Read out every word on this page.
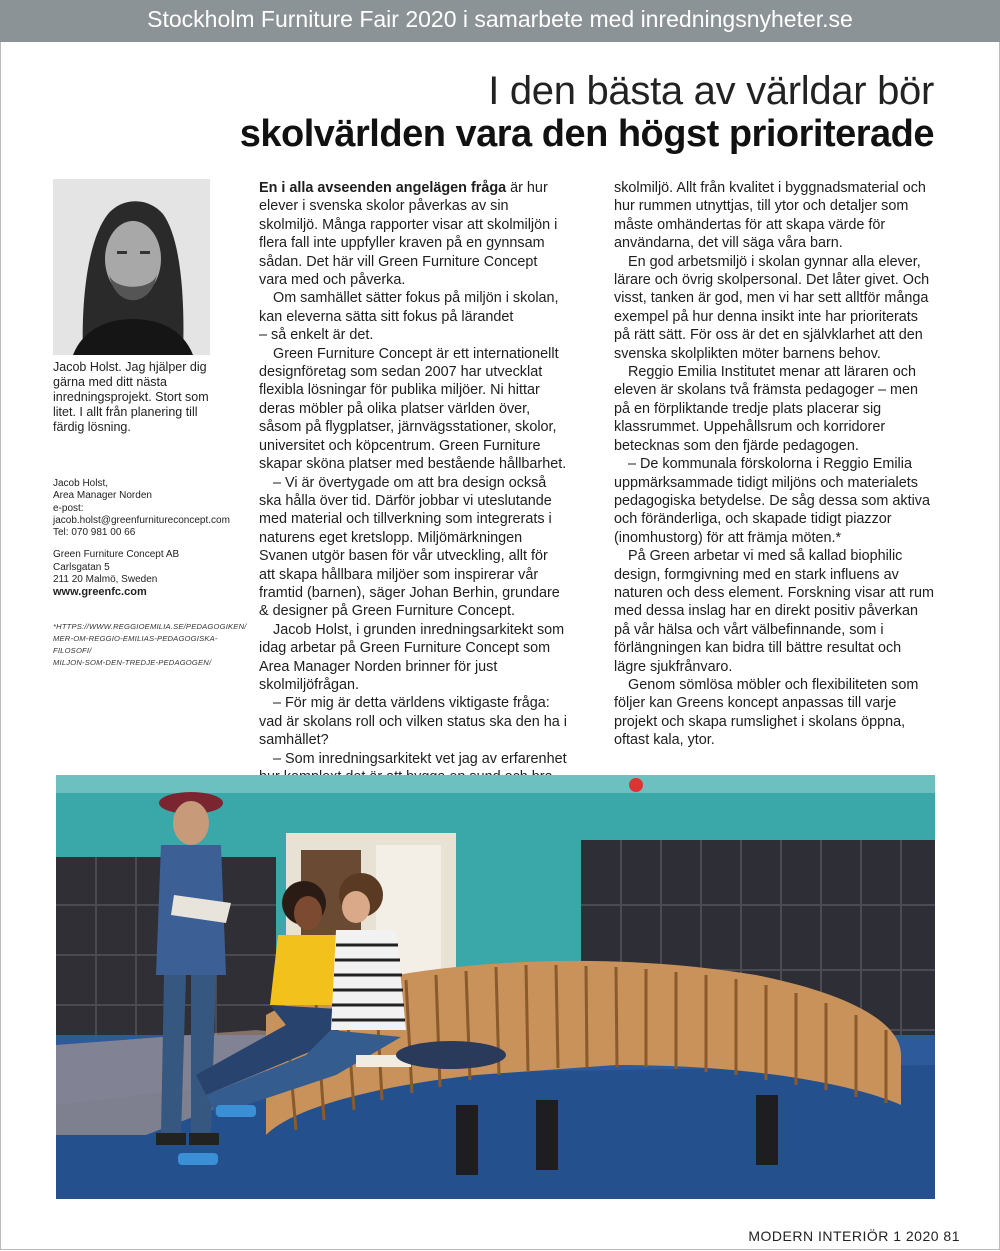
Stockholm Furniture Fair 2020 i samarbete med inredningsnyheter.se
I den bästa av världar bör
skolvärlden vara den högst prioriterade
Jacob Holst. Jag hjälper dig gärna med ditt nästa inredningsprojekt. Stort som litet. I allt från planering till färdig lösning.
Jacob Holst,
Area Manager Norden
e-post:
jacob.holst@greenfurnitureconcept.com
Tel: 070 981 00 66
Green Furniture Concept AB
Carlsgatan 5
211 20 Malmö, Sweden
www.greenfc.com
*HTTPS://WWW.REGGIOEMILIA.SE/PEDAGOGIKEN/
MER-OM-REGGIO-EMILIAS-PEDAGOGISKA-FILOSOFI/
MILJON-SOM-DEN-TREDJE-PEDAGOGEN/

En i alla avseenden angelägen fråga är hur elever i svenska skolor påverkas av sin skolmiljö. Många rapporter visar att skolmiljön i flera fall inte uppfyller kraven på en gynnsam sådan. Det här vill Green Furniture Concept vara med och påverka.

Om samhället sätter fokus på miljön i skolan, kan eleverna sätta sitt fokus på lärandet

– så enkelt är det.

Green Furniture Concept är ett internationellt designföretag som sedan 2007 har utvecklat flexibla lösningar för publika miljöer. Ni hittar deras möbler på olika platser världen över, såsom på flygplatser, järnvägsstationer, skolor, universitet och köpcentrum. Green Furniture skapar sköna platser med bestående hållbarhet.

– Vi är övertygade om att bra design också ska hålla över tid. Därför jobbar vi uteslutande med material och tillverkning som integrerats i naturens eget kretslopp. Miljömärkningen Svanen utgör basen för vår utveckling, allt för att skapa hållbara miljöer som inspirerar vår framtid (barnen), säger Johan Berhin, grundare & designer på Green Furniture Concept.

Jacob Holst, i grunden inredningsarkitekt som idag arbetar på Green Furniture Concept som Area Manager Norden brinner för just skolmiljöfrågan.

– För mig är detta världens viktigaste fråga: vad är skolans roll och vilken status ska den ha i samhället?

– Som inredningsarkitekt vet jag av erfarenhet

skolmiljö. Allt från kvalitet i byggnadsmaterial och hur rummen utnyttjas, till ytor och detaljer som måste omhändertas för att skapa värde för användarna, det vill säga våra barn.

En god arbetsmiljö i skolan gynnar alla elever, lärare och övrig skolpersonal. Det låter givet. Och visst, tanken är god, men vi har sett alltför många exempel på hur denna insikt inte har prioriterats på rätt sätt. För oss är det en självklarhet att den svenska skolplikten möter barnens behov.

Reggio Emilia Institutet menar att läraren och eleven är skolans två främsta pedagoger – men på en förpliktande tredje plats placerar sig klassrummet. Uppehållsrum och korridorer betecknas som den fjärde pedagogen.

– De kommunala förskolorna i Reggio Emilia uppmärksammade tidigt miljöns och materialets pedagogiska betydelse. De såg dessa som aktiva och föränderliga, och skapade tidigt piazzor (inomhustorg) för att främja möten.*

På Green arbetar vi med så kallad biophilic design, formgivning med en stark influens av naturen och dess element. Forskning visar att rum med dessa inslag har en direkt positiv påverkan på vår hälsa och vårt välbefinnande, som i förlängningen kan bidra till bättre resultat och lägre sjukfrånvaro.

Genom sömlösa möbler och flexibiliteten som följer kan Greens koncept anpassas till varje projekt och skapa rumslighet i skolans öppna, oftast kala, ytor.

MODERN INTERIÖR 1 2020 81
